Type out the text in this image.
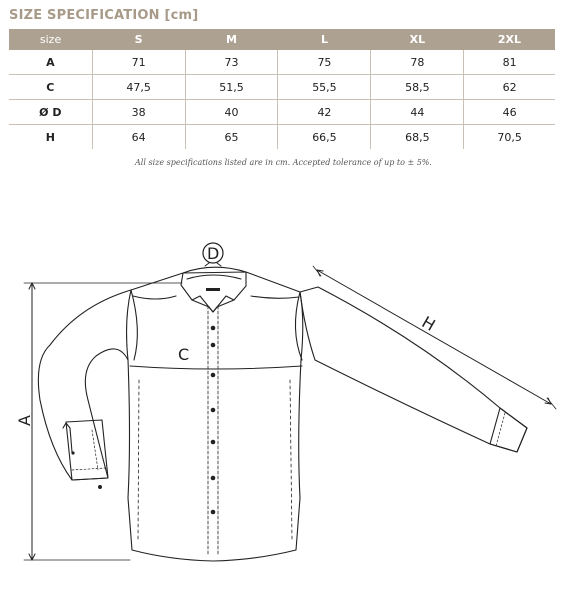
SIZE SPECIFICATION [cm]
size	S	M	L	XL	2XL
A	71	73	75	78	81
C	47,5	51,5	55,5	58,5	62
Ø D	38	40	42	44	46
H	64	65	66,5	68,5	70,5
All size specifications listed are in cm. Accepted tolerance of up to ± 5%.
A
C
D
H
